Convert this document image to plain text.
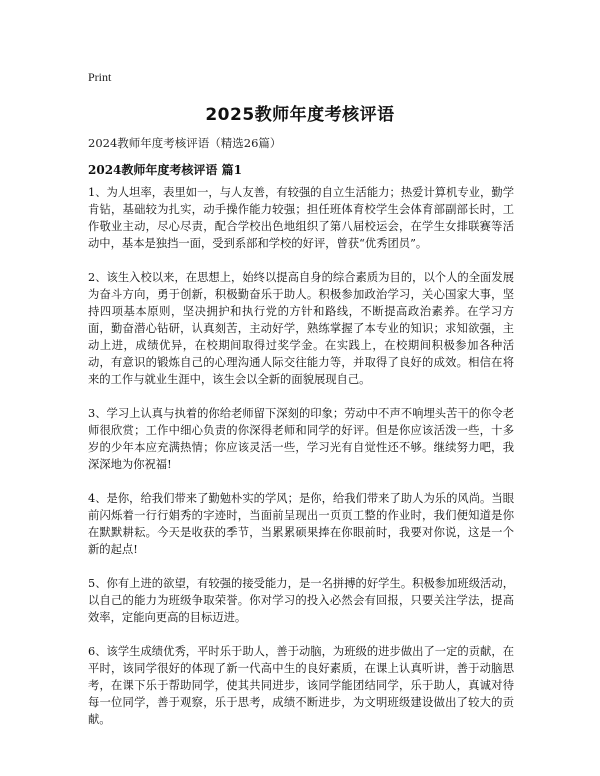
Print
2025教师年度考核评语
2024教师年度考核评语（精选26篇）
2024教师年度考核评语 篇1

1、为人坦率，表里如一，与人友善，有较强的自立生活能力；热爱计算机专业，勤学肯钻，基础较为扎实，动手操作能力较强；担任班体育校学生会体育部副部长时，工作敬业主动，尽心尽责，配合学校出色地组织了第八届校运会，在学生女排联赛等活动中，基本是独挡一面，受到系部和学校的好评，曾获“优秀团员”。

2、该生入校以来，在思想上，始终以提高自身的综合素质为目的，以个人的全面发展为奋斗方向，勇于创新，积极勤奋乐于助人。积极参加政治学习，关心国家大事，坚持四项基本原则，坚决拥护和执行党的方针和路线，不断提高政治素养。在学习方面，勤奋潜心钻研，认真刻苦，主动好学，熟练掌握了本专业的知识；求知欲强，主动上进，成绩优异，在校期间取得过奖学金。在实践上，在校期间积极参加各种活动，有意识的锻炼自己的心理沟通人际交往能力等，并取得了良好的成效。相信在将来的工作与就业生涯中，该生会以全新的面貌展现自己。

3、学习上认真与执着的你给老师留下深刻的印象；劳动中不声不响埋头苦干的你令老师很欣赏；工作中细心负责的你深得老师和同学的好评。但是你应该活泼一些，十多岁的少年本应充满热情；你应该灵活一些，学习光有自觉性还不够。继续努力吧，我深深地为你祝福!

4、是你，给我们带来了勤勉朴实的学风；是你，给我们带来了助人为乐的风尚。当眼前闪烁着一行行娟秀的字迹时，当面前呈现出一页页工整的作业时，我们便知道是你在默默耕耘。今天是收获的季节，当累累硕果捧在你眼前时，我要对你说，这是一个新的起点!

5、你有上进的欲望，有较强的接受能力，是一名拼搏的好学生。积极参加班级活动，以自己的能力为班级争取荣誉。你对学习的投入必然会有回报，只要关注学法，提高效率，定能向更高的目标迈进。

6、该学生成绩优秀，平时乐于助人，善于动脑，为班级的进步做出了一定的贡献，在平时，该同学很好的体现了新一代高中生的良好素质，在课上认真听讲，善于动脑思考，在课下乐于帮助同学，使其共同进步，该同学能团结同学，乐于助人，真诚对待每一位同学，善于观察，乐于思考，成绩不断进步，为文明班级建设做出了较大的贡献。
